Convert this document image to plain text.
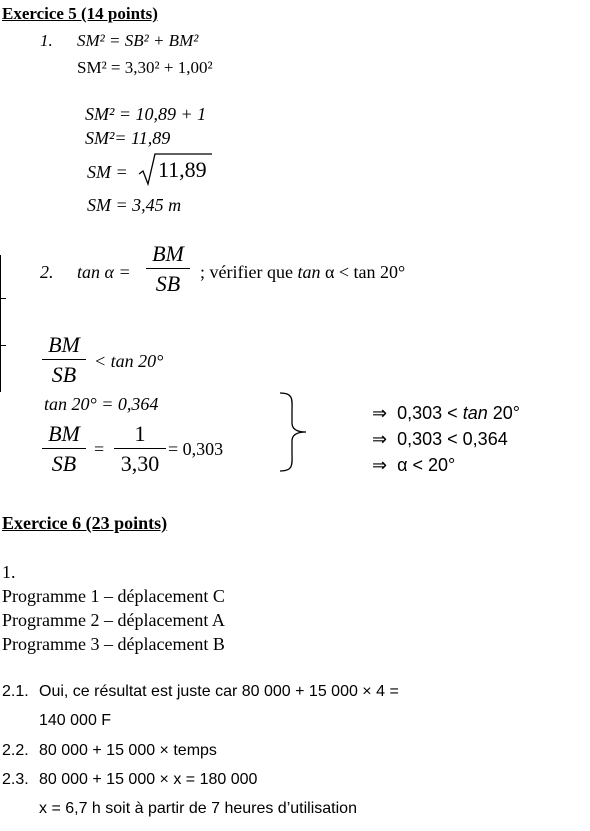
Exercice 5 (14 points)
1. SM² = SB² + BM²
SM² = 3,30² + 1,00²
SM² = 10,89 + 1
SM²= 11,89
SM = 11,89
SM = 3,45 m
2. tan α =
BM
SB	; vérifier que tan α < tan 20°
BM
SB
< tan 20°
tan 20° = 0,364
BM
SB
=
1
3,30
= 0,303
⇒ 0,303 < tan 20°
⇒ 0,303 < 0,364
⇒ α < 20°
Exercice 6 (23 points)
1.
Programme 1 – déplacement C
Programme 2 – déplacement A
Programme 3 – déplacement B
2.1. Oui, ce résultat est juste car 80 000 + 15 000 × 4 =
140 000 F
2.2. 80 000 + 15 000 × temps
2.3. 80 000 + 15 000 × x = 180 000
x = 6,7 h soit à partir de 7 heures d’utilisation
